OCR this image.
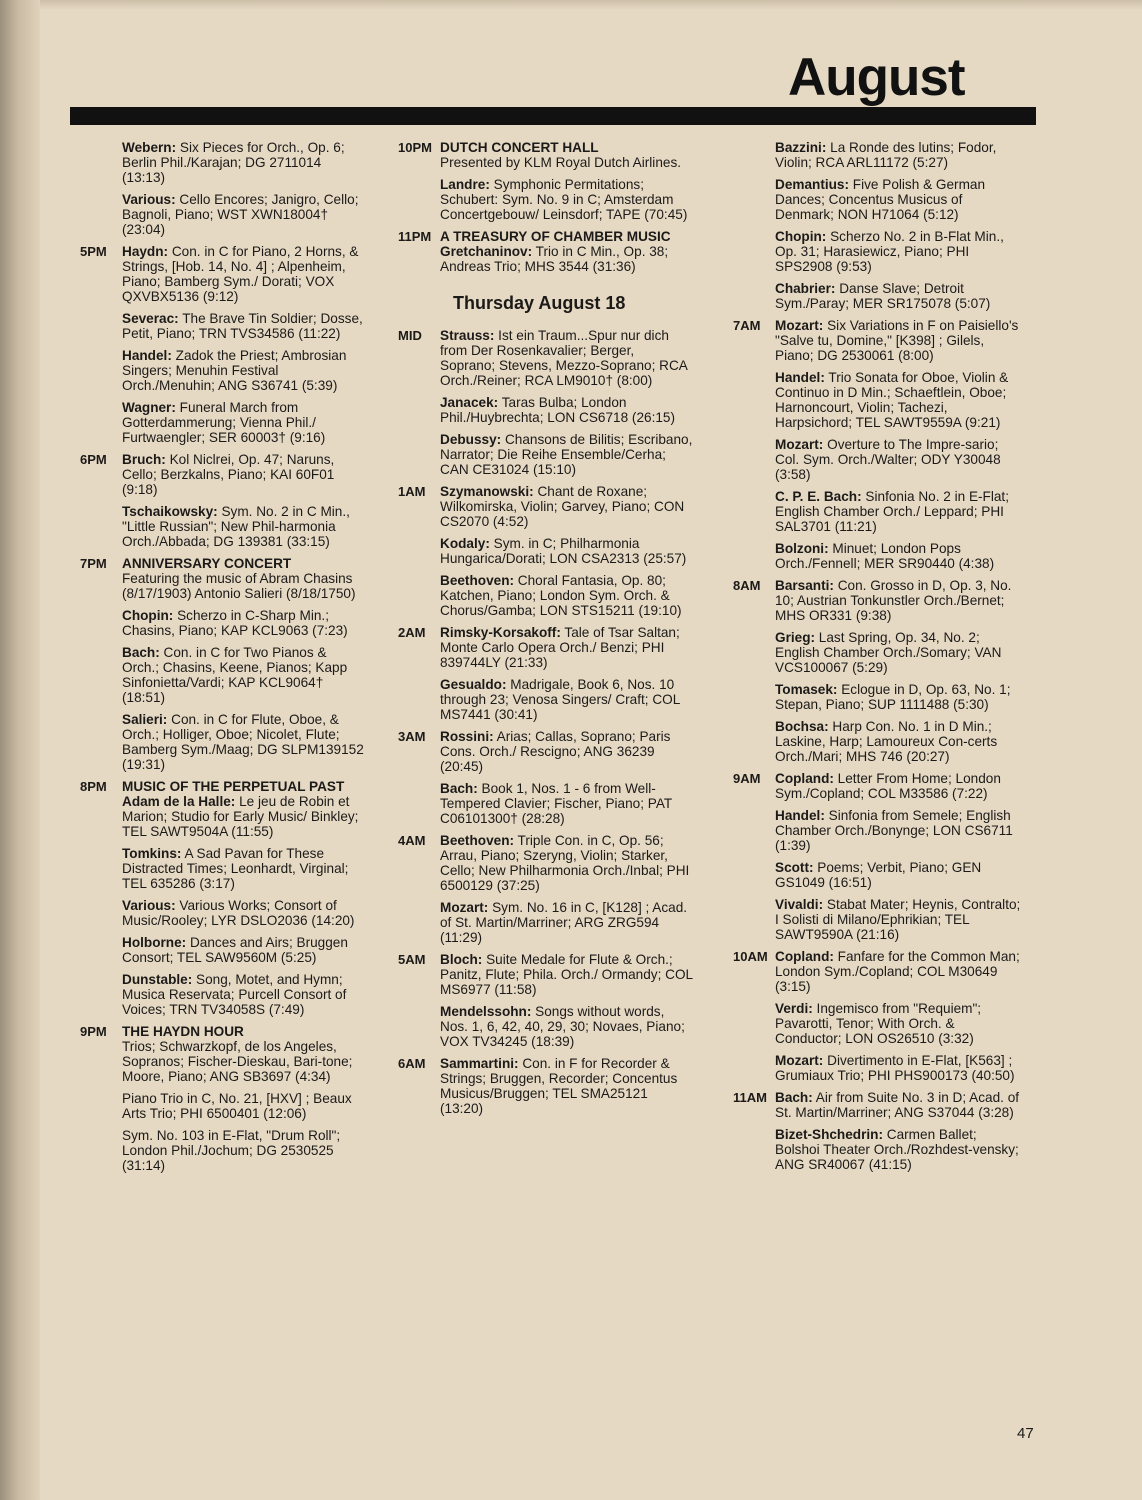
August
Webern: Six Pieces for Orch., Op. 6; Berlin Phil./Karajan; DG 2711014 (13:13)
Various: Cello Encores; Janigro, Cello; Bagnoli, Piano; WST XWN18004† (23:04)
5PM	Haydn: Con. in C for Piano, 2 Horns, & Strings, [Hob. 14, No. 4] ; Alpenheim, Piano; Bamberg Sym./ Dorati; VOX QXVBX5136 (9:12)
Severac: The Brave Tin Soldier; Dosse, Petit, Piano; TRN TVS34586 (11:22)
Handel: Zadok the Priest; Ambrosian Singers; Menuhin Festival Orch./Menuhin; ANG S36741 (5:39)
Wagner: Funeral March from Gotterdammerung; Vienna Phil./ Furtwaengler; SER 60003† (9:16)
6PM	Bruch: Kol Niclrei, Op. 47; Naruns, Cello; Berzkalns, Piano; KAI 60F01 (9:18)
Tschaikowsky: Sym. No. 2 in C Min., "Little Russian"; New Phil-harmonia Orch./Abbada; DG 139381 (33:15)
7PM	ANNIVERSARY CONCERT
Featuring the music of Abram Chasins (8/17/1903) Antonio Salieri (8/18/1750)
Chopin: Scherzo in C-Sharp Min.; Chasins, Piano; KAP KCL9063 (7:23)
Bach: Con. in C for Two Pianos & Orch.; Chasins, Keene, Pianos; Kapp Sinfonietta/Vardi; KAP KCL9064† (18:51)
Salieri: Con. in C for Flute, Oboe, & Orch.; Holliger, Oboe; Nicolet, Flute; Bamberg Sym./Maag; DG SLPM139152 (19:31)
8PM	MUSIC OF THE PERPETUAL PAST
Adam de la Halle: Le jeu de Robin et Marion; Studio for Early Music/ Binkley; TEL SAWT9504A (11:55)
Tomkins: A Sad Pavan for These Distracted Times; Leonhardt, Virginal; TEL 635286 (3:17)
Various: Various Works; Consort of Music/Rooley; LYR DSLO2036 (14:20)
Holborne: Dances and Airs; Bruggen Consort; TEL SAW9560M (5:25)
Dunstable: Song, Motet, and Hymn; Musica Reservata; Purcell Consort of Voices; TRN TV34058S (7:49)
9PM	THE HAYDN HOUR
Trios; Schwarzkopf, de los Angeles, Sopranos; Fischer-Dieskau, Bari-tone; Moore, Piano; ANG SB3697 (4:34)
Piano Trio in C, No. 21, [HXV] ; Beaux Arts Trio; PHI 6500401 (12:06)
Sym. No. 103 in E-Flat, "Drum Roll"; London Phil./Jochum; DG 2530525 (31:14)
10PM DUTCH CONCERT HALL
Presented by KLM Royal Dutch Airlines.
Landre: Symphonic Permitations; Schubert: Sym. No. 9 in C; Amsterdam Concertgebouw/ Leinsdorf; TAPE (70:45)
11PM A TREASURY OF CHAMBER MUSIC
Gretchaninov: Trio in C Min., Op. 38; Andreas Trio; MHS 3544 (31:36)
Thursday August 18
MID	Strauss: Ist ein Traum...Spur nur dich from Der Rosenkavalier; Berger, Soprano; Stevens, Mezzo-Soprano; RCA Orch./Reiner; RCA LM9010† (8:00)
Janacek: Taras Bulba; London Phil./Huybrechta; LON CS6718 (26:15)
Debussy: Chansons de Bilitis; Escribano, Narrator; Die Reihe Ensemble/Cerha; CAN CE31024 (15:10)
1AM	Szymanowski: Chant de Roxane; Wilkomirska, Violin; Garvey, Piano; CON CS2070 (4:52)
Kodaly: Sym. in C; Philharmonia Hungarica/Dorati; LON CSA2313 (25:57)
Beethoven: Choral Fantasia, Op. 80; Katchen, Piano; London Sym. Orch. & Chorus/Gamba; LON STS15211 (19:10)
2AM	Rimsky-Korsakoff: Tale of Tsar Saltan; Monte Carlo Opera Orch./ Benzi; PHI 839744LY (21:33)
Gesualdo: Madrigale, Book 6, Nos. 10 through 23; Venosa Singers/ Craft; COL MS7441 (30:41)
3AM	Rossini: Arias; Callas, Soprano; Paris Cons. Orch./ Rescigno; ANG 36239 (20:45)
Bach: Book 1, Nos. 1 - 6 from Well-Tempered Clavier; Fischer, Piano; PAT C06101300† (28:28)
4AM	Beethoven: Triple Con. in C, Op. 56; Arrau, Piano; Szeryng, Violin; Starker, Cello; New Philharmonia Orch./Inbal; PHI 6500129 (37:25)
Mozart: Sym. No. 16 in C, [K128] ; Acad. of St. Martin/Marriner; ARG ZRG594 (11:29)
5AM	Bloch: Suite Medale for Flute & Orch.; Panitz, Flute; Phila. Orch./ Ormandy; COL MS6977 (11:58)
Mendelssohn: Songs without words, Nos. 1, 6, 42, 40, 29, 30; Novaes, Piano; VOX TV34245 (18:39)
6AM	Sammartini: Con. in F for Recorder & Strings; Bruggen, Recorder; Concentus Musicus/Bruggen; TEL SMA25121 (13:20)
Bazzini: La Ronde des lutins; Fodor, Violin; RCA ARL11172 (5:27)
Demantius: Five Polish & German Dances; Concentus Musicus of Denmark; NON H71064 (5:12)
Chopin: Scherzo No. 2 in B-Flat Min., Op. 31; Harasiewicz, Piano; PHI SPS2908 (9:53)
Chabrier: Danse Slave; Detroit Sym./Paray; MER SR175078 (5:07)
7AM	Mozart: Six Variations in F on Paisiello's "Salve tu, Domine," [K398] ; Gilels, Piano; DG 2530061 (8:00)
Handel: Trio Sonata for Oboe, Violin & Continuo in D Min.; Schaeftlein, Oboe; Harnoncourt, Violin; Tachezi, Harpsichord; TEL SAWT9559A (9:21)
Mozart: Overture to The Impre-sario; Col. Sym. Orch./Walter; ODY Y30048 (3:58)
C. P. E. Bach: Sinfonia No. 2 in E-Flat; English Chamber Orch./ Leppard; PHI SAL3701 (11:21)
Bolzoni: Minuet; London Pops Orch./Fennell; MER SR90440 (4:38)
8AM	Barsanti: Con. Grosso in D, Op. 3, No. 10; Austrian Tonkunstler Orch./Bernet; MHS OR331 (9:38)
Grieg: Last Spring, Op. 34, No. 2; English Chamber Orch./Somary; VAN VCS100067 (5:29)
Tomasek: Eclogue in D, Op. 63, No. 1; Stepan, Piano; SUP 1111488 (5:30)
Bochsa: Harp Con. No. 1 in D Min.; Laskine, Harp; Lamoureux Con-certs Orch./Mari; MHS 746 (20:27)
9AM	Copland: Letter From Home; London Sym./Copland; COL M33586 (7:22)
Handel: Sinfonia from Semele; English Chamber Orch./Bonynge; LON CS6711 (1:39)
Scott: Poems; Verbit, Piano; GEN GS1049 (16:51)
Vivaldi: Stabat Mater; Heynis, Contralto; I Solisti di Milano/Ephrikian; TEL SAWT9590A (21:16)
10AM Copland: Fanfare for the Common Man; London Sym./Copland; COL M30649 (3:15)
Verdi: Ingemisco from "Requiem"; Pavarotti, Tenor; With Orch. & Conductor; LON OS26510 (3:32)
Mozart: Divertimento in E-Flat, [K563] ; Grumiaux Trio; PHI PHS900173 (40:50)
11AM Bach: Air from Suite No. 3 in D; Acad. of St. Martin/Marriner; ANG S37044 (3:28)
Bizet-Shchedrin: Carmen Ballet; Bolshoi Theater Orch./Rozhdest-vensky; ANG SR40067 (41:15)
47
